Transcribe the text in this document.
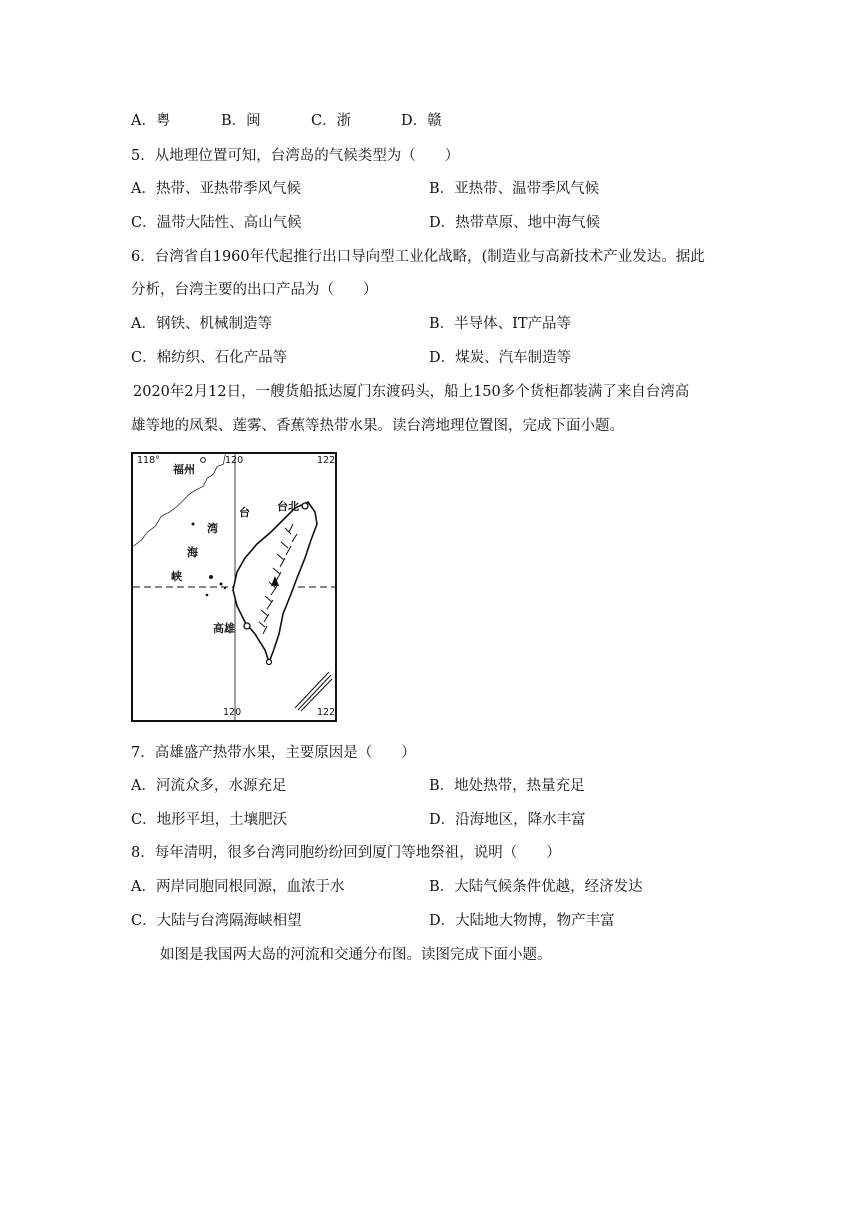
A．粤	B．闽	C．浙	D．赣
5．从地理位置可知，台湾岛的气候类型为（　　）
A．热带、亚热带季风气候	B．亚热带、温带季风气候
C．温带大陆性、高山气候	D．热带草原、地中海气候
6．台湾省自1960年代起推行出口导向型工业化战略，(制造业与高新技术产业发达。据此
分析，台湾主要的出口产品为（　　）
A．钢铁、机械制造等	B．半导体、IT产品等
C．棉纺织、石化产品等	D．煤炭、汽车制造等
2020年2月12日，一艘货船抵达厦门东渡码头，船上150多个货柜都装满了来自台湾高
雄等地的凤梨、莲雾、香蕉等热带水果。读台湾地理位置图，完成下面小题。
118°	120	122
120	122
福州
台北
高雄
台
湾
海
峡
7．高雄盛产热带水果，主要原因是（　　）
A．河流众多，水源充足	B．地处热带，热量充足
C．地形平坦，土壤肥沃	D．沿海地区，降水丰富
8．每年清明，很多台湾同胞纷纷回到厦门等地祭祖，说明（　　）
A．两岸同胞同根同源，血浓于水	B．大陆气候条件优越，经济发达
C．大陆与台湾隔海峡相望	D．大陆地大物博，物产丰富
如图是我国两大岛的河流和交通分布图。读图完成下面小题。
